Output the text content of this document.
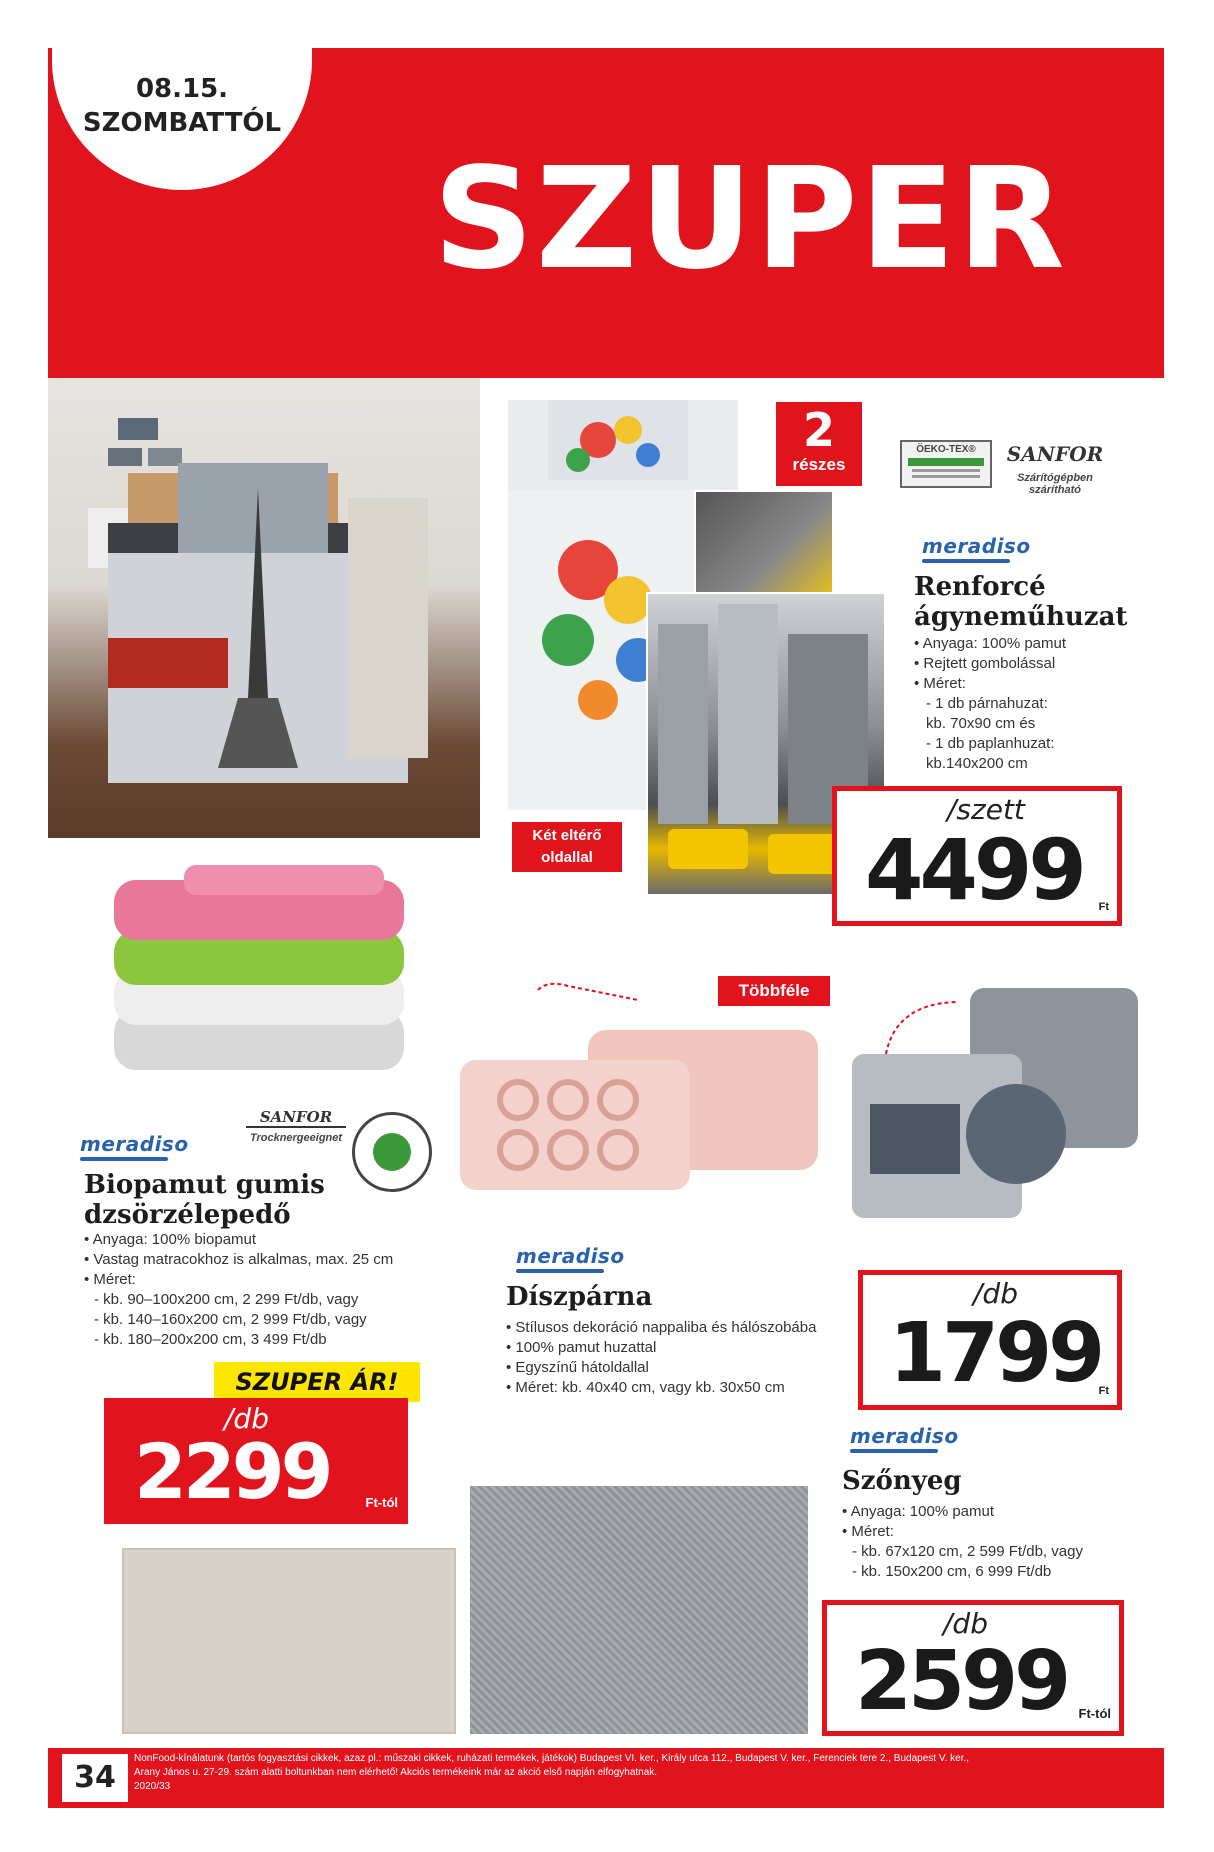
08.15.
SZOMBATTÓL
SZUPER
2
részes
ÖEKO-TEX®	SANFOR
Szárítógépben
szárítható
meradiso
Renforcé
ágyneműhuzat
• Anyaga: 100% pamut
• Rejtett gombolással
• Méret:
- 1 db párnahuzat:
kb. 70x90 cm és
- 1 db paplanhuzat:
kb.140x200 cm
Két eltérő
oldallal
/szett
4499 Ft
SANFOR
Trocknergeeignet
meradiso
Biopamut gumis
dzsörzélepedő
• Anyaga: 100% biopamut
• Vastag matracokhoz is alkalmas, max. 25 cm
• Méret:
- kb. 90–100x200 cm, 2 299 Ft/db, vagy
- kb. 140–160x200 cm, 2 999 Ft/db, vagy
- kb. 180–200x200 cm, 3 499 Ft/db
SZUPER ÁR!
/db
2299	Ft-tól
Többféle
meradiso
Díszpárna
• Stílusos dekoráció nappaliba és hálószobába
• 100% pamut huzattal
• Egyszínű hátoldallal
• Méret: kb. 40x40 cm, vagy kb. 30x50 cm
/db
1799
Ft
meradiso
Szőnyeg
• Anyaga: 100% pamut
• Méret:
- kb. 67x120 cm, 2 599 Ft/db, vagy
- kb. 150x200 cm, 6 999 Ft/db
/db
2599 Ft-tól
34
NonFood-kínálatunk (tartós fogyasztási cikkek, azaz pl.: műszaki cikkek, ruházati termékek, játékok) Budapest VI. ker., Király utca 112., Budapest V. ker., Ferenciek tere 2., Budapest V. ker.,
Arany János u. 27-29. szám alatti boltunkban nem elérhető! Akciós termékeink már az akció első napján elfogyhatnak.
2020/33
